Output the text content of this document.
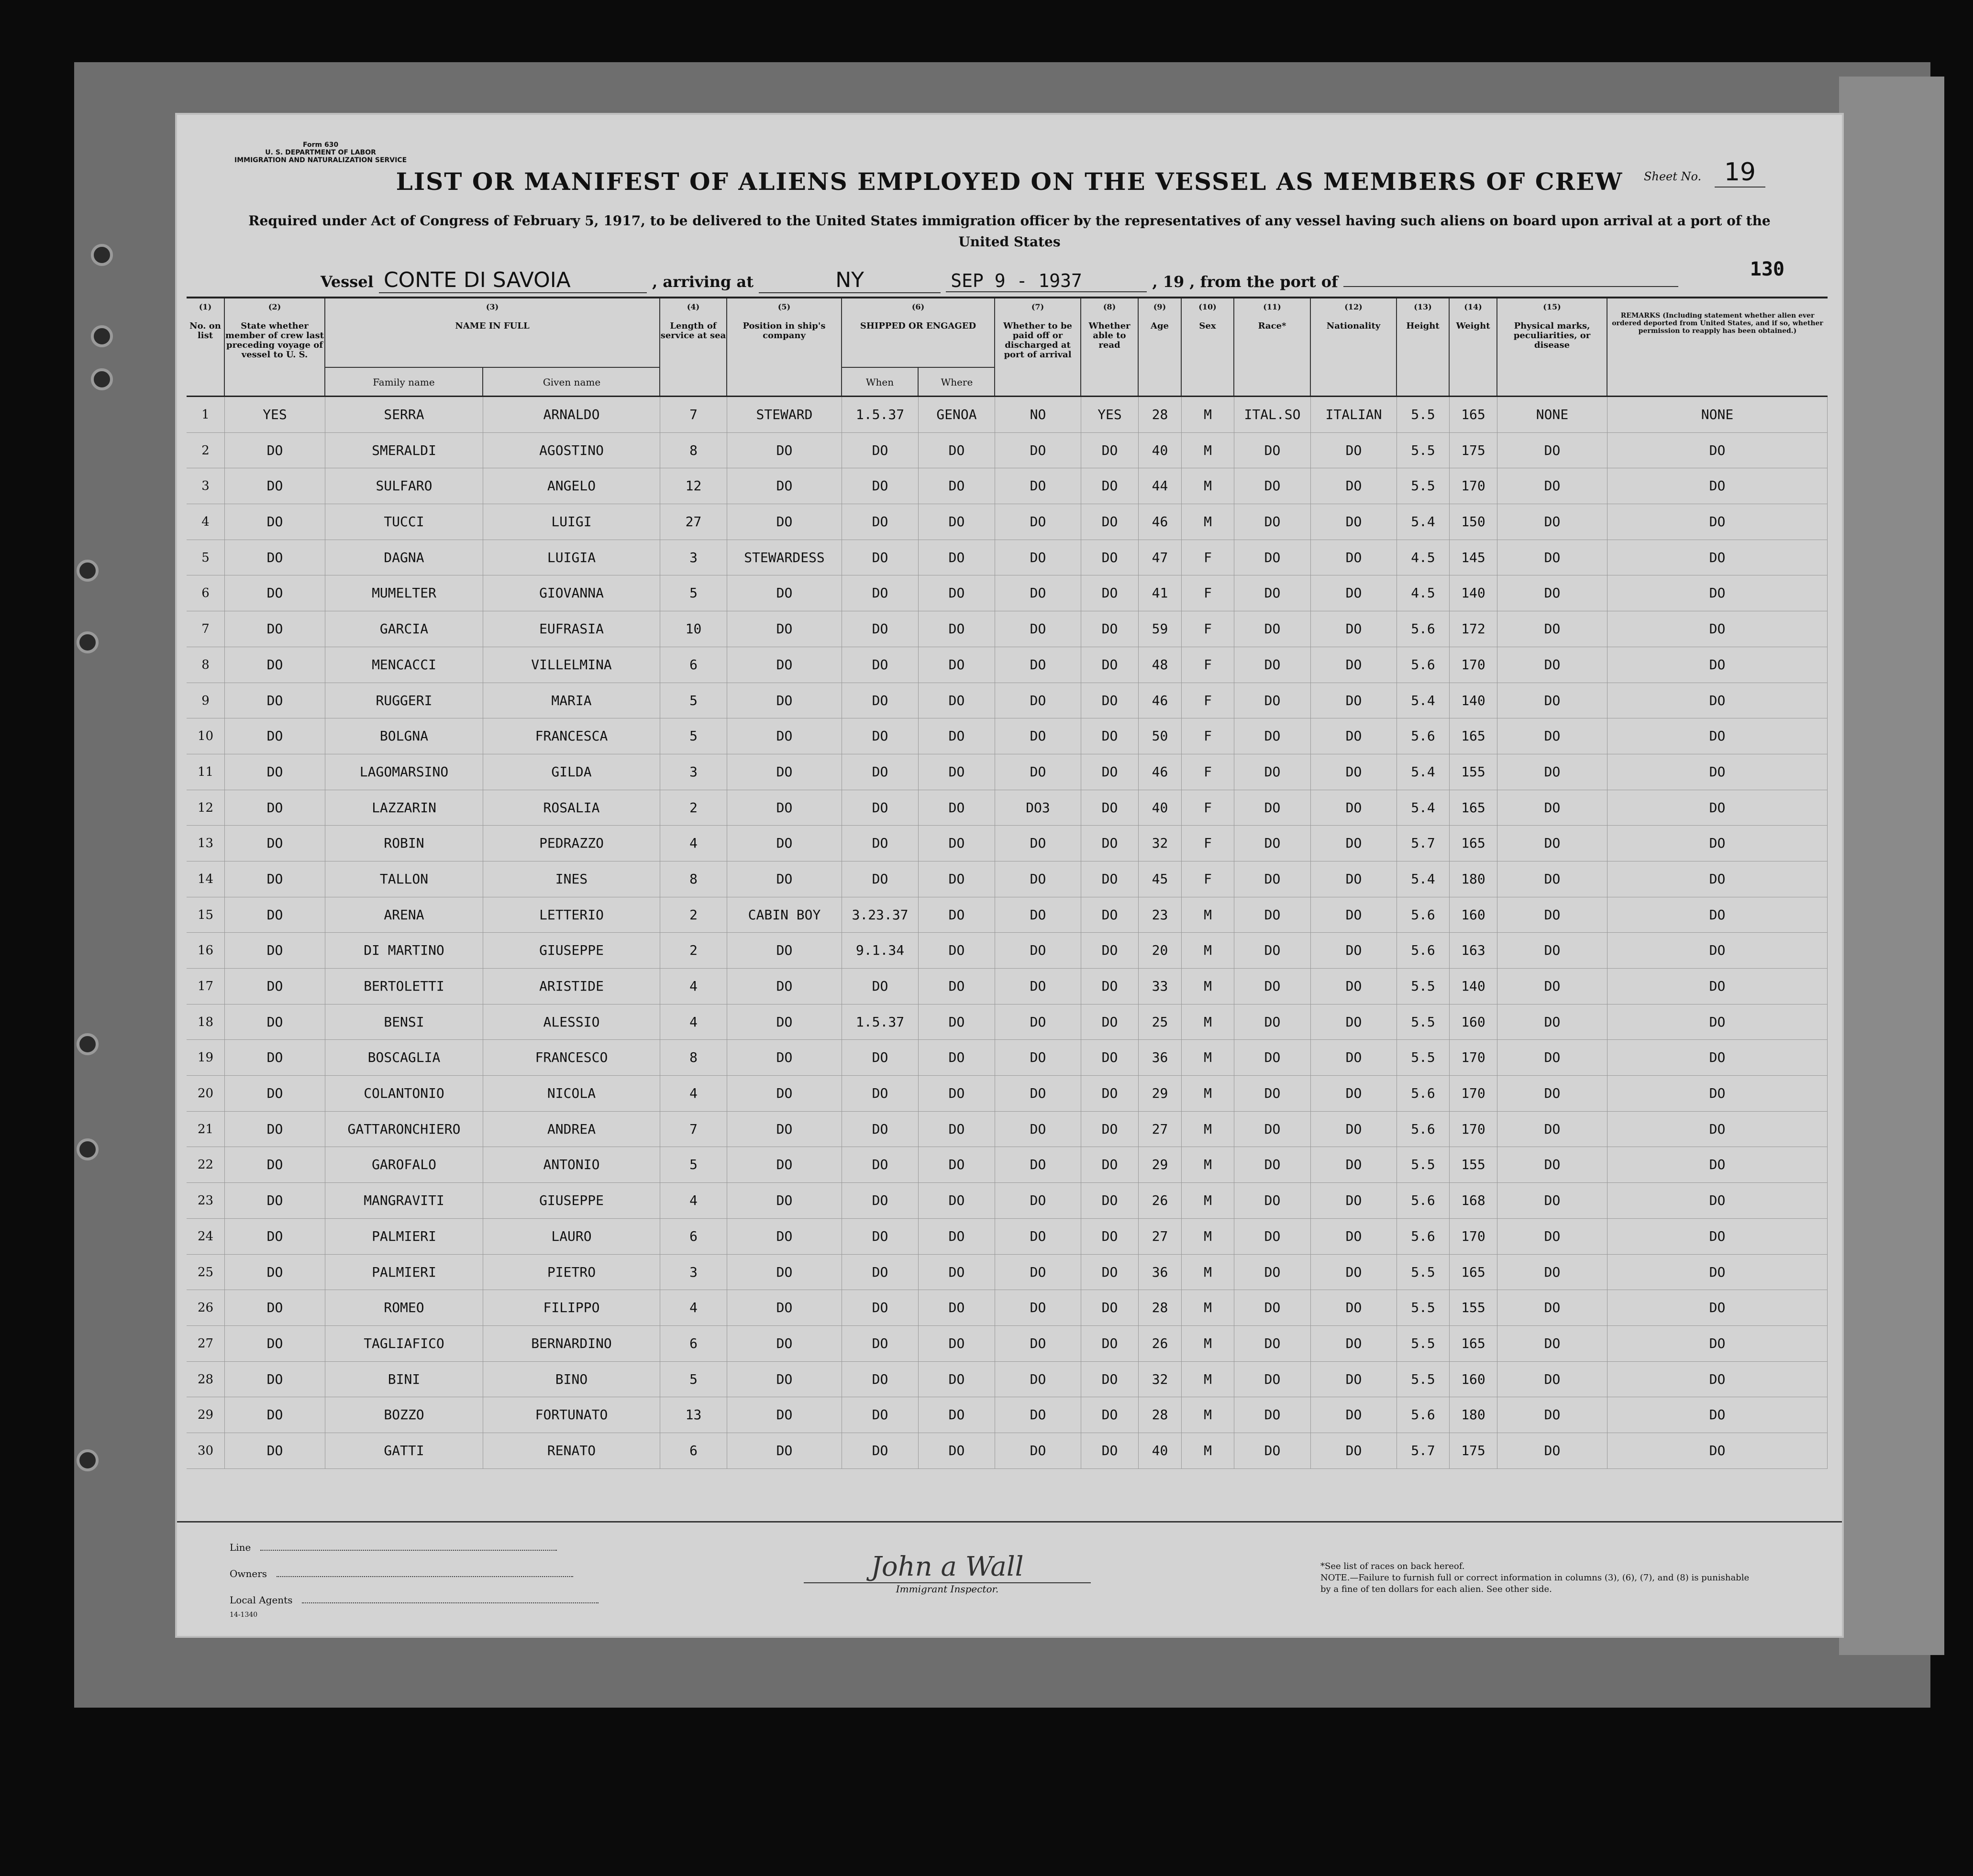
Form 630
U. S. DEPARTMENT OF LABOR
IMMIGRATION AND NATURALIZATION SERVICE
Sheet No. 19
LIST OR MANIFEST OF ALIENS EMPLOYED ON THE VESSEL AS MEMBERS OF CREW
Required under Act of Congress of February 5, 1917, to be delivered to the United States immigration officer by the representatives of any vessel having such aliens on board upon arrival at a port of the United States
Vessel CONTE DI SAVOIA	, arriving at	NY	SEP 9 - 1937	, 19 , from the port of
130
(1)
No. on list
(2)
State whether member of crew last preceding voyage of vessel to U. S.
(3)
NAME IN FULL
Family name	Given name
(4)
Length of service at sea
(5)
Position in ship's company
(6)
SHIPPED OR ENGAGED
When	Where
(7)
Whether to be paid off or discharged at port of arrival
(8)
Whether able to read
(9)
Age
(10)
Sex
(11)
Race*
(12)
Nationality
(13)
Height
(14)
Weight
(15)
Physical marks, peculiarities, or disease
REMARKS (Including statement whether alien ever ordered deported from United States, and if so, whether permission to reapply has been obtained.)
1	YES	SERRA	ARNALDO	7	STEWARD	1.5.37	GENOA	NO	YES	28	M	ITAL.SO	ITALIAN	5.5	165	NONE	NONE
2	DO	SMERALDI	AGOSTINO	8	DO	DO	DO	DO	DO	40	M	DO	DO	5.5	175	DO	DO
3	DO	SULFARO	ANGELO	12	DO	DO	DO	DO	DO	44	M	DO	DO	5.5	170	DO	DO
4	DO	TUCCI	LUIGI	27	DO	DO	DO	DO	DO	46	M	DO	DO	5.4	150	DO	DO
5	DO	DAGNA	LUIGIA	3	STEWARDESS	DO	DO	DO	DO	47	F	DO	DO	4.5	145	DO	DO
6	DO	MUMELTER	GIOVANNA	5	DO	DO	DO	DO	DO	41	F	DO	DO	4.5	140	DO	DO
7	DO	GARCIA	EUFRASIA	10	DO	DO	DO	DO	DO	59	F	DO	DO	5.6	172	DO	DO
8	DO	MENCACCI	VILLELMINA	6	DO	DO	DO	DO	DO	48	F	DO	DO	5.6	170	DO	DO
9	DO	RUGGERI	MARIA	5	DO	DO	DO	DO	DO	46	F	DO	DO	5.4	140	DO	DO
10	DO	BOLGNA	FRANCESCA	5	DO	DO	DO	DO	DO	50	F	DO	DO	5.6	165	DO	DO
11	DO	LAGOMARSINO	GILDA	3	DO	DO	DO	DO	DO	46	F	DO	DO	5.4	155	DO	DO
12	DO	LAZZARIN	ROSALIA	2	DO	DO	DO	DO3	DO	40	F	DO	DO	5.4	165	DO	DO
13	DO	ROBIN	PEDRAZZO	4	DO	DO	DO	DO	DO	32	F	DO	DO	5.7	165	DO	DO
14	DO	TALLON	INES	8	DO	DO	DO	DO	DO	45	F	DO	DO	5.4	180	DO	DO
15	DO	ARENA	LETTERIO	2	CABIN BOY	3.23.37	DO	DO	DO	23	M	DO	DO	5.6	160	DO	DO
16	DO	DI MARTINO	GIUSEPPE	2	DO	9.1.34	DO	DO	DO	20	M	DO	DO	5.6	163	DO	DO
17	DO	BERTOLETTI	ARISTIDE	4	DO	DO	DO	DO	DO	33	M	DO	DO	5.5	140	DO	DO
18	DO	BENSI	ALESSIO	4	DO	1.5.37	DO	DO	DO	25	M	DO	DO	5.5	160	DO	DO
19	DO	BOSCAGLIA	FRANCESCO	8	DO	DO	DO	DO	DO	36	M	DO	DO	5.5	170	DO	DO
20	DO	COLANTONIO	NICOLA	4	DO	DO	DO	DO	DO	29	M	DO	DO	5.6	170	DO	DO
21	DO	GATTARONCHIERO	ANDREA	7	DO	DO	DO	DO	DO	27	M	DO	DO	5.6	170	DO	DO
22	DO	GAROFALO	ANTONIO	5	DO	DO	DO	DO	DO	29	M	DO	DO	5.5	155	DO	DO
23	DO	MANGRAVITI	GIUSEPPE	4	DO	DO	DO	DO	DO	26	M	DO	DO	5.6	168	DO	DO
24	DO	PALMIERI	LAURO	6	DO	DO	DO	DO	DO	27	M	DO	DO	5.6	170	DO	DO
25	DO	PALMIERI	PIETRO	3	DO	DO	DO	DO	DO	36	M	DO	DO	5.5	165	DO	DO
26	DO	ROMEO	FILIPPO	4	DO	DO	DO	DO	DO	28	M	DO	DO	5.5	155	DO	DO
27	DO	TAGLIAFICO	BERNARDINO	6	DO	DO	DO	DO	DO	26	M	DO	DO	5.5	165	DO	DO
28	DO	BINI	BINO	5	DO	DO	DO	DO	DO	32	M	DO	DO	5.5	160	DO	DO
29	DO	BOZZO	FORTUNATO	13	DO	DO	DO	DO	DO	28	M	DO	DO	5.6	180	DO	DO
30	DO	GATTI	RENATO	6	DO	DO	DO	DO	DO	40	M	DO	DO	5.7	175	DO	DO
Line
Owners
Local Agents
14-1340
John a Wall
Immigrant Inspector.
*See list of races on back hereof.
NOTE.—Failure to furnish full or correct information in columns (3), (6), (7), and (8) is punishable by a fine of ten dollars for each alien. See other side.
